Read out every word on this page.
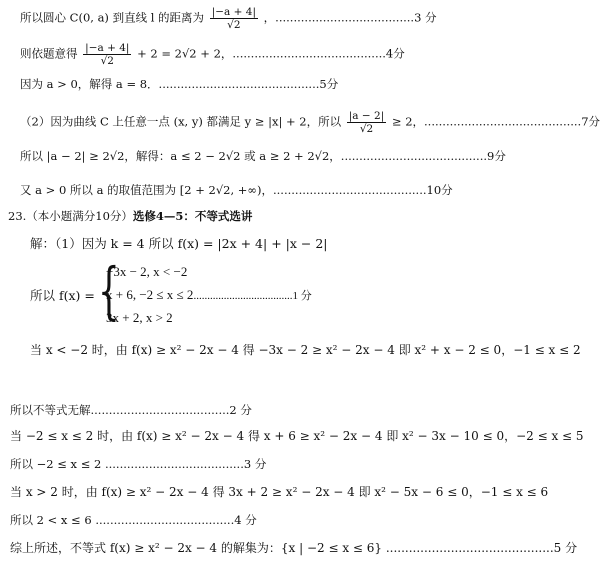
所以圆心 C(0, a) 到直线 l 的距离为 $\frac{|-a + 4|}{√2}$ ，......................................3 分
则依题意得 $\frac{|-a + 4|}{√2} + 2 = 2√2 + 2$，..........................................4分
因为 a > 0，解得 a = 8．............................................5分
（2）因为曲线 C 上任意一点 (x, y) 都满足 y ≥ |x| + 2，所以 $\frac{|a - 2|}{√2} \ge 2$，...........................................7分
所以 |a − 2| ≥ 2√2，解得：a ≤ 2 − 2√2 或 a ≥ 2 + 2√2，........................................9分
又 a > 0 所以 a 的取值范围为 [2 + 2√2, +∞)，..........................................10分
23.（本小题满分10分）选修4—5：不等式选讲
解：（1）因为 k = 4 所以 f(x) = |2x + 4| + |x − 2|
所以 f(x) = {
−3x − 2, x < −2
x + 6, −2 ≤ x ≤ 2....................................1 分
3x + 2, x > 2
当 x < −2 时，由 f(x) ≥ x² − 2x − 4 得 −3x − 2 ≥ x² − 2x − 4 即 x² + x − 2 ≤ 0，−1 ≤ x ≤ 2
所以不等式无解......................................2 分
当 −2 ≤ x ≤ 2 时，由 f(x) ≥ x² − 2x − 4 得 x + 6 ≥ x² − 2x − 4 即 x² − 3x − 10 ≤ 0，−2 ≤ x ≤ 5
所以 −2 ≤ x ≤ 2 ......................................3 分
当 x > 2 时，由 f(x) ≥ x² − 2x − 4 得 3x + 2 ≥ x² − 2x − 4 即 x² − 5x − 6 ≤ 0，−1 ≤ x ≤ 6
所以 2 < x ≤ 6 ......................................4 分
综上所述，不等式 f(x) ≥ x² − 2x − 4 的解集为：{x | −2 ≤ x ≤ 6} ............................................5 分
